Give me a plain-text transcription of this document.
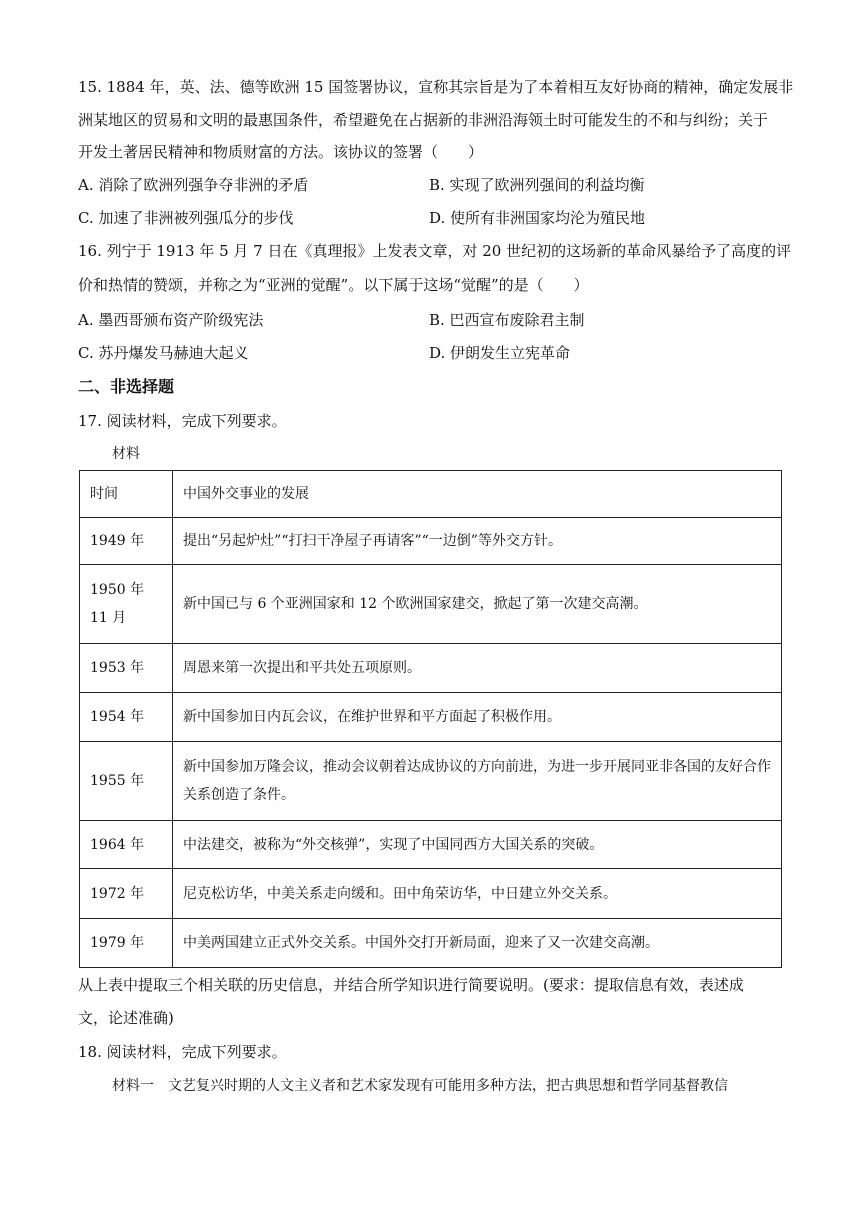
15. 1884 年，英、法、德等欧洲 15 国签署协议，宣称其宗旨是为了本着相互友好协商的精神，确定发展非
洲某地区的贸易和文明的最惠国条件，希望避免在占据新的非洲沿海领土时可能发生的不和与纠纷；关于
开发土著居民精神和物质财富的方法。该协议的签署（　　）
A. 消除了欧洲列强争夺非洲的矛盾	B. 实现了欧洲列强间的利益均衡
C. 加速了非洲被列强瓜分的步伐	D. 使所有非洲国家均沦为殖民地
16. 列宁于 1913 年 5 月 7 日在《真理报》上发表文章，对 20 世纪初的这场新的革命风暴给予了高度的评
价和热情的赞颂，并称之为“亚洲的觉醒”。以下属于这场“觉醒”的是（　　）
A. 墨西哥颁布资产阶级宪法	B. 巴西宣布废除君主制
C. 苏丹爆发马赫迪大起义	D. 伊朗发生立宪革命
二、非选择题
17. 阅读材料，完成下列要求。
材料
时间	中国外交事业的发展
1949 年	提出“另起炉灶”“打扫干净屋子再请客”“一边倒”等外交方针。
1950 年 11 月	新中国已与 6 个亚洲国家和 12 个欧洲国家建交，掀起了第一次建交高潮。
1953 年	周恩来第一次提出和平共处五项原则。
1954 年	新中国参加日内瓦会议，在维护世界和平方面起了积极作用。
1955 年	新中国参加万隆会议，推动会议朝着达成协议的方向前进，为进一步开展同亚非各国的友好合作关系创造了条件。
1964 年	中法建交，被称为“外交核弹”，实现了中国同西方大国关系的突破。
1972 年	尼克松访华，中美关系走向缓和。田中角荣访华，中日建立外交关系。
1979 年	中美两国建立正式外交关系。中国外交打开新局面，迎来了又一次建交高潮。
从上表中提取三个相关联的历史信息，并结合所学知识进行简要说明。(要求：提取信息有效，表述成
文，论述准确)
18. 阅读材料，完成下列要求。
材料一　文艺复兴时期的人文主义者和艺术家发现有可能用多种方法，把古典思想和哲学同基督教信
